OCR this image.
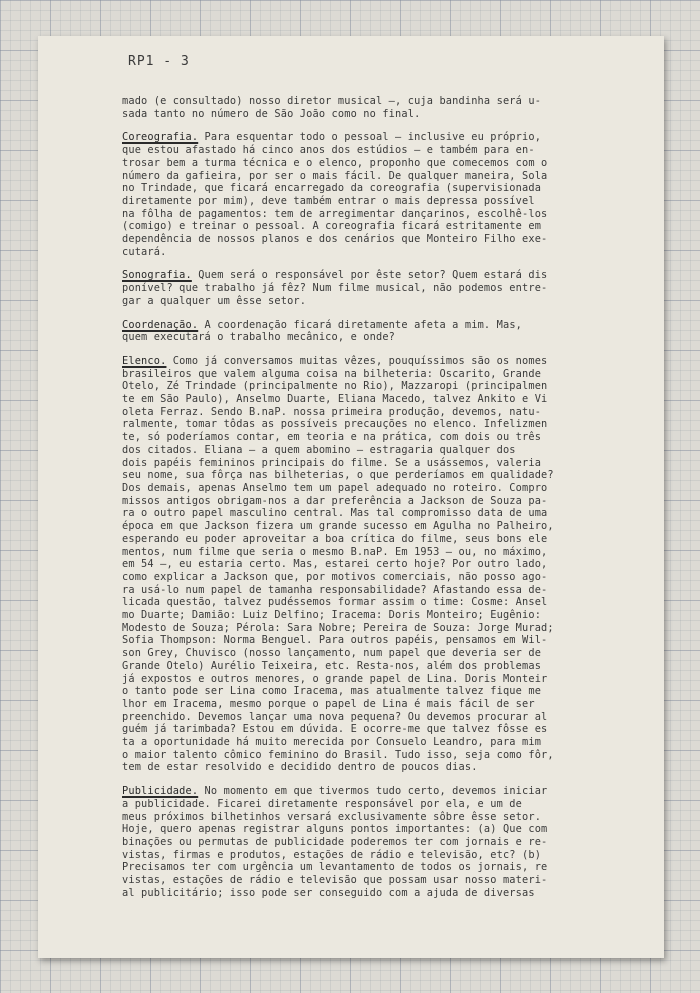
RP1 - 3
mado (e consultado) nosso diretor musical —, cuja bandinha será u-
sada tanto no número de São João como no final.
Coreografia. Para esquentar todo o pessoal — inclusive eu próprio,
que estou afastado há cinco anos dos estúdios — e também para en-
trosar bem a turma técnica e o elenco, proponho que comecemos com o
número da gafieira, por ser o mais fácil. De qualquer maneira, Sola
no Trindade, que ficará encarregado da coreografia (supervisionada
diretamente por mim), deve também entrar o mais depressa possível
na fôlha de pagamentos: tem de arregimentar dançarinos, escolhê-los
(comigo) e treinar o pessoal. A coreografia ficará estritamente em
dependência de nossos planos e dos cenários que Monteiro Filho exe-
cutará.
Sonografia. Quem será o responsável por êste setor? Quem estará dis
ponível? que trabalho já fêz? Num filme musical, não podemos entre-
gar a qualquer um êsse setor.
Coordenação. A coordenação ficará diretamente afeta a mim. Mas,
quem executará o trabalho mecânico, e onde?
Elenco. Como já conversamos muitas vêzes, pouquíssimos são os nomes
brasileiros que valem alguma coisa na bilheteria: Oscarito, Grande
Otelo, Zé Trindade (principalmente no Rio), Mazzaropi (principalmen
te em São Paulo), Anselmo Duarte, Eliana Macedo, talvez Ankito e Vi
oleta Ferraz. Sendo B.naP. nossa primeira produção, devemos, natu-
ralmente, tomar tôdas as possíveis precauções no elenco. Infelizmen
te, só poderíamos contar, em teoria e na prática, com dois ou três
dos citados. Eliana — a quem abomino — estragaria qualquer dos
dois papéis femininos principais do filme. Se a usássemos, valeria
seu nome, sua fôrça nas bilheterias, o que perderíamos em qualidade?
Dos demais, apenas Anselmo tem um papel adequado no roteiro. Compro
missos antigos obrigam-nos a dar preferência a Jackson de Souza pa-
ra o outro papel masculino central. Mas tal compromisso data de uma
época em que Jackson fizera um grande sucesso em Agulha no Palheiro,
esperando eu poder aproveitar a boa crítica do filme, seus bons ele
mentos, num filme que seria o mesmo B.naP. Em 1953 — ou, no máximo,
em 54 —, eu estaria certo. Mas, estarei certo hoje? Por outro lado,
como explicar a Jackson que, por motivos comerciais, não posso ago-
ra usá-lo num papel de tamanha responsabilidade? Afastando essa de-
licada questão, talvez pudéssemos formar assim o time: Cosme: Ansel
mo Duarte; Damião: Luiz Delfino; Iracema: Doris Monteiro; Eugênio:
Modesto de Souza; Pérola: Sara Nobre; Pereira de Souza: Jorge Murad;
Sofia Thompson: Norma Benguel. Para outros papéis, pensamos em Wil-
son Grey, Chuvisco (nosso lançamento, num papel que deveria ser de
Grande Otelo) Aurélio Teixeira, etc. Resta-nos, além dos problemas
já expostos e outros menores, o grande papel de Lina. Doris Monteir
o tanto pode ser Lina como Iracema, mas atualmente talvez fique me
lhor em Iracema, mesmo porque o papel de Lina é mais fácil de ser
preenchido. Devemos lançar uma nova pequena? Ou devemos procurar al
guém já tarimbada? Estou em dúvida. E ocorre-me que talvez fôsse es
ta a oportunidade há muito merecida por Consuelo Leandro, para mim
o maior talento cômico feminino do Brasil. Tudo isso, seja como fôr,
tem de estar resolvido e decidido dentro de poucos dias.
Publicidade. No momento em que tivermos tudo certo, devemos iniciar
a publicidade. Ficarei diretamente responsável por ela, e um de
meus próximos bilhetinhos versará exclusivamente sôbre êsse setor.
Hoje, quero apenas registrar alguns pontos importantes: (a) Que com
binações ou permutas de publicidade poderemos ter com jornais e re-
vistas, firmas e produtos, estações de rádio e televisão, etc? (b)
Precisamos ter com urgência um levantamento de todos os jornais, re
vistas, estações de rádio e televisão que possam usar nosso materi-
al publicitário; isso pode ser conseguido com a ajuda de diversas
